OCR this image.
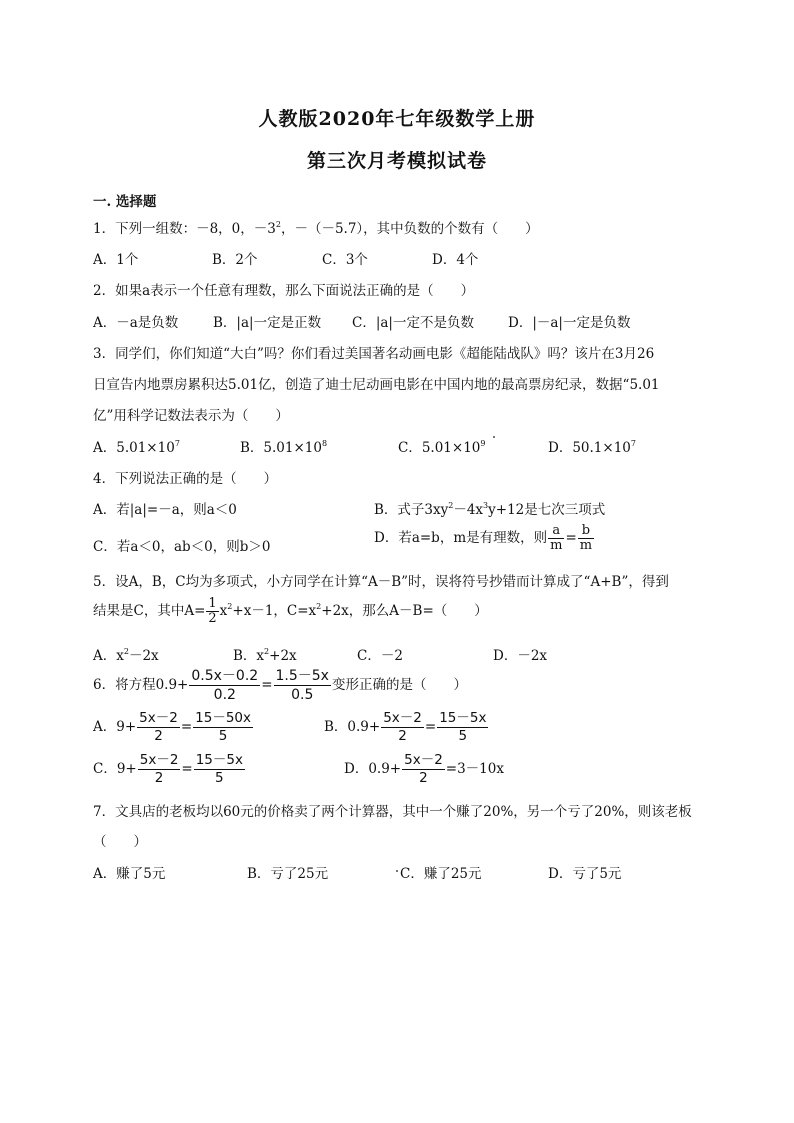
人教版2020年七年级数学上册
第三次月考模拟试卷
一. 选择题
1．下列一组数：－8，0，$-3^2$，－（－5.7），其中负数的个数有（　　）
A．1个	B．2个	C．3个	D．4个
2．如果a表示一个任意有理数，那么下面说法正确的是（　　）
A．－a是负数	B．|a|一定是正数 C．|a|一定不是负数	D．|－a|一定是负数
3．同学们，你们知道“大白”吗？你们看过美国著名动画电影《超能陆战队》吗？该片在3月26
日宣告内地票房累积达5.01亿，创造了迪士尼动画电影在中国内地的最高票房纪录，数据“5.01
亿”用科学记数法表示为（　　）
A．$5.01\times 10^7$	B．$5.01\times 10^8$	C．$5.01\times 10^9$	D．$50.1\times 10^7$
4．下列说法正确的是（　　）
A．若|a|=－a，则a＜0	B．式子$3xy^2-4x^3y+12$是七次三项式
C．若a＜0，ab＜0，则b＞0
D．若a=b，m是有理数，则 $\frac{a}{m} = \frac{b}{m}$
5．设A，B，C均为多项式，小方同学在计算“A－B”时，误将符号抄错而计算成了“A+B”，得到
结果是C，其中$A= \frac{1}{2} x^2+x-1$，$C=x^2+2x$，那么A－B=（　　）
A．$x^2-2x$	B．$x^2+2x$	C．－2	D．－2x
6．将方程$0.9+ \frac{0.5x-0.2}{0.2} = \frac{1.5-5x}{0.5}$ 变形正确的是（　　）
A．$9+ \frac{5x-2}{2} = \frac{15-50x}{5}$	B．$0.9+ \frac{5x-2}{2} = \frac{15-5x}{5}$
C．$9+ \frac{5x-2}{2} = \frac{15-5x}{5}$	D．$0.9+ \frac{5x-2}{2} =3-10x$
7．文具店的老板均以60元的价格卖了两个计算器，其中一个赚了20%，另一个亏了20%，则该老板
（　　）
A．赚了5元	B．亏了25元	C．赚了25元	D．亏了5元
